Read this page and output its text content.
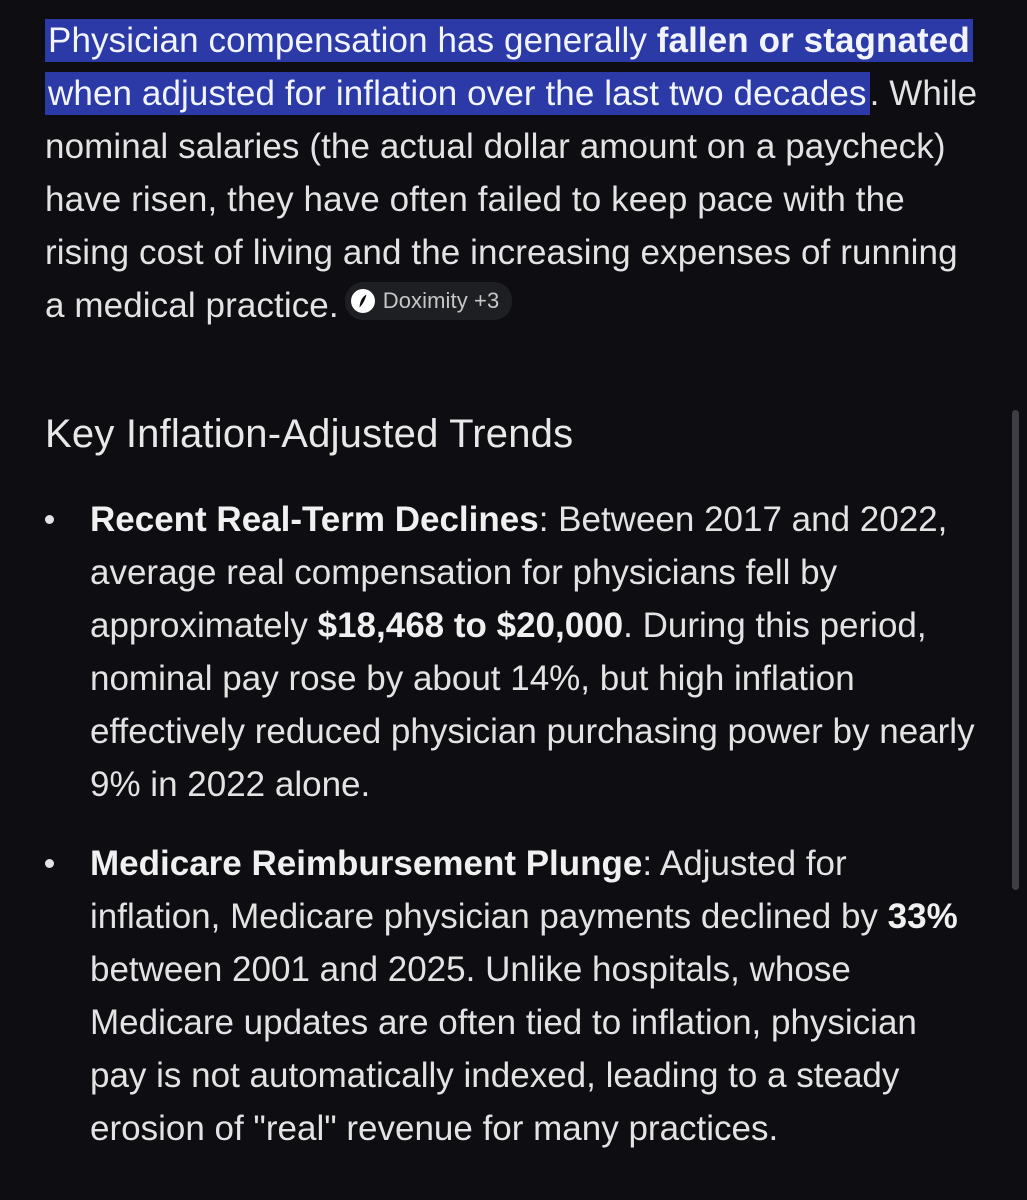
Physician compensation has generally fallen or stagnated when adjusted for inflation over the last two decades. While nominal salaries (the actual dollar amount on a paycheck) have risen, they have often failed to keep pace with the rising cost of living and the increasing expenses of running a medical practice. Doximity +3

Key Inflation-Adjusted Trends
Recent Real-Term Declines: Between 2017 and 2022, average real compensation for physicians fell by approximately $18,468 to $20,000. During this period, nominal pay rose by about 14%, but high inflation effectively reduced physician purchasing power by nearly 9% in 2022 alone.
Medicare Reimbursement Plunge: Adjusted for inflation, Medicare physician payments declined by 33% between 2001 and 2025. Unlike hospitals, whose Medicare updates are often tied to inflation, physician pay is not automatically indexed, leading to a steady erosion of "real" revenue for many practices.
